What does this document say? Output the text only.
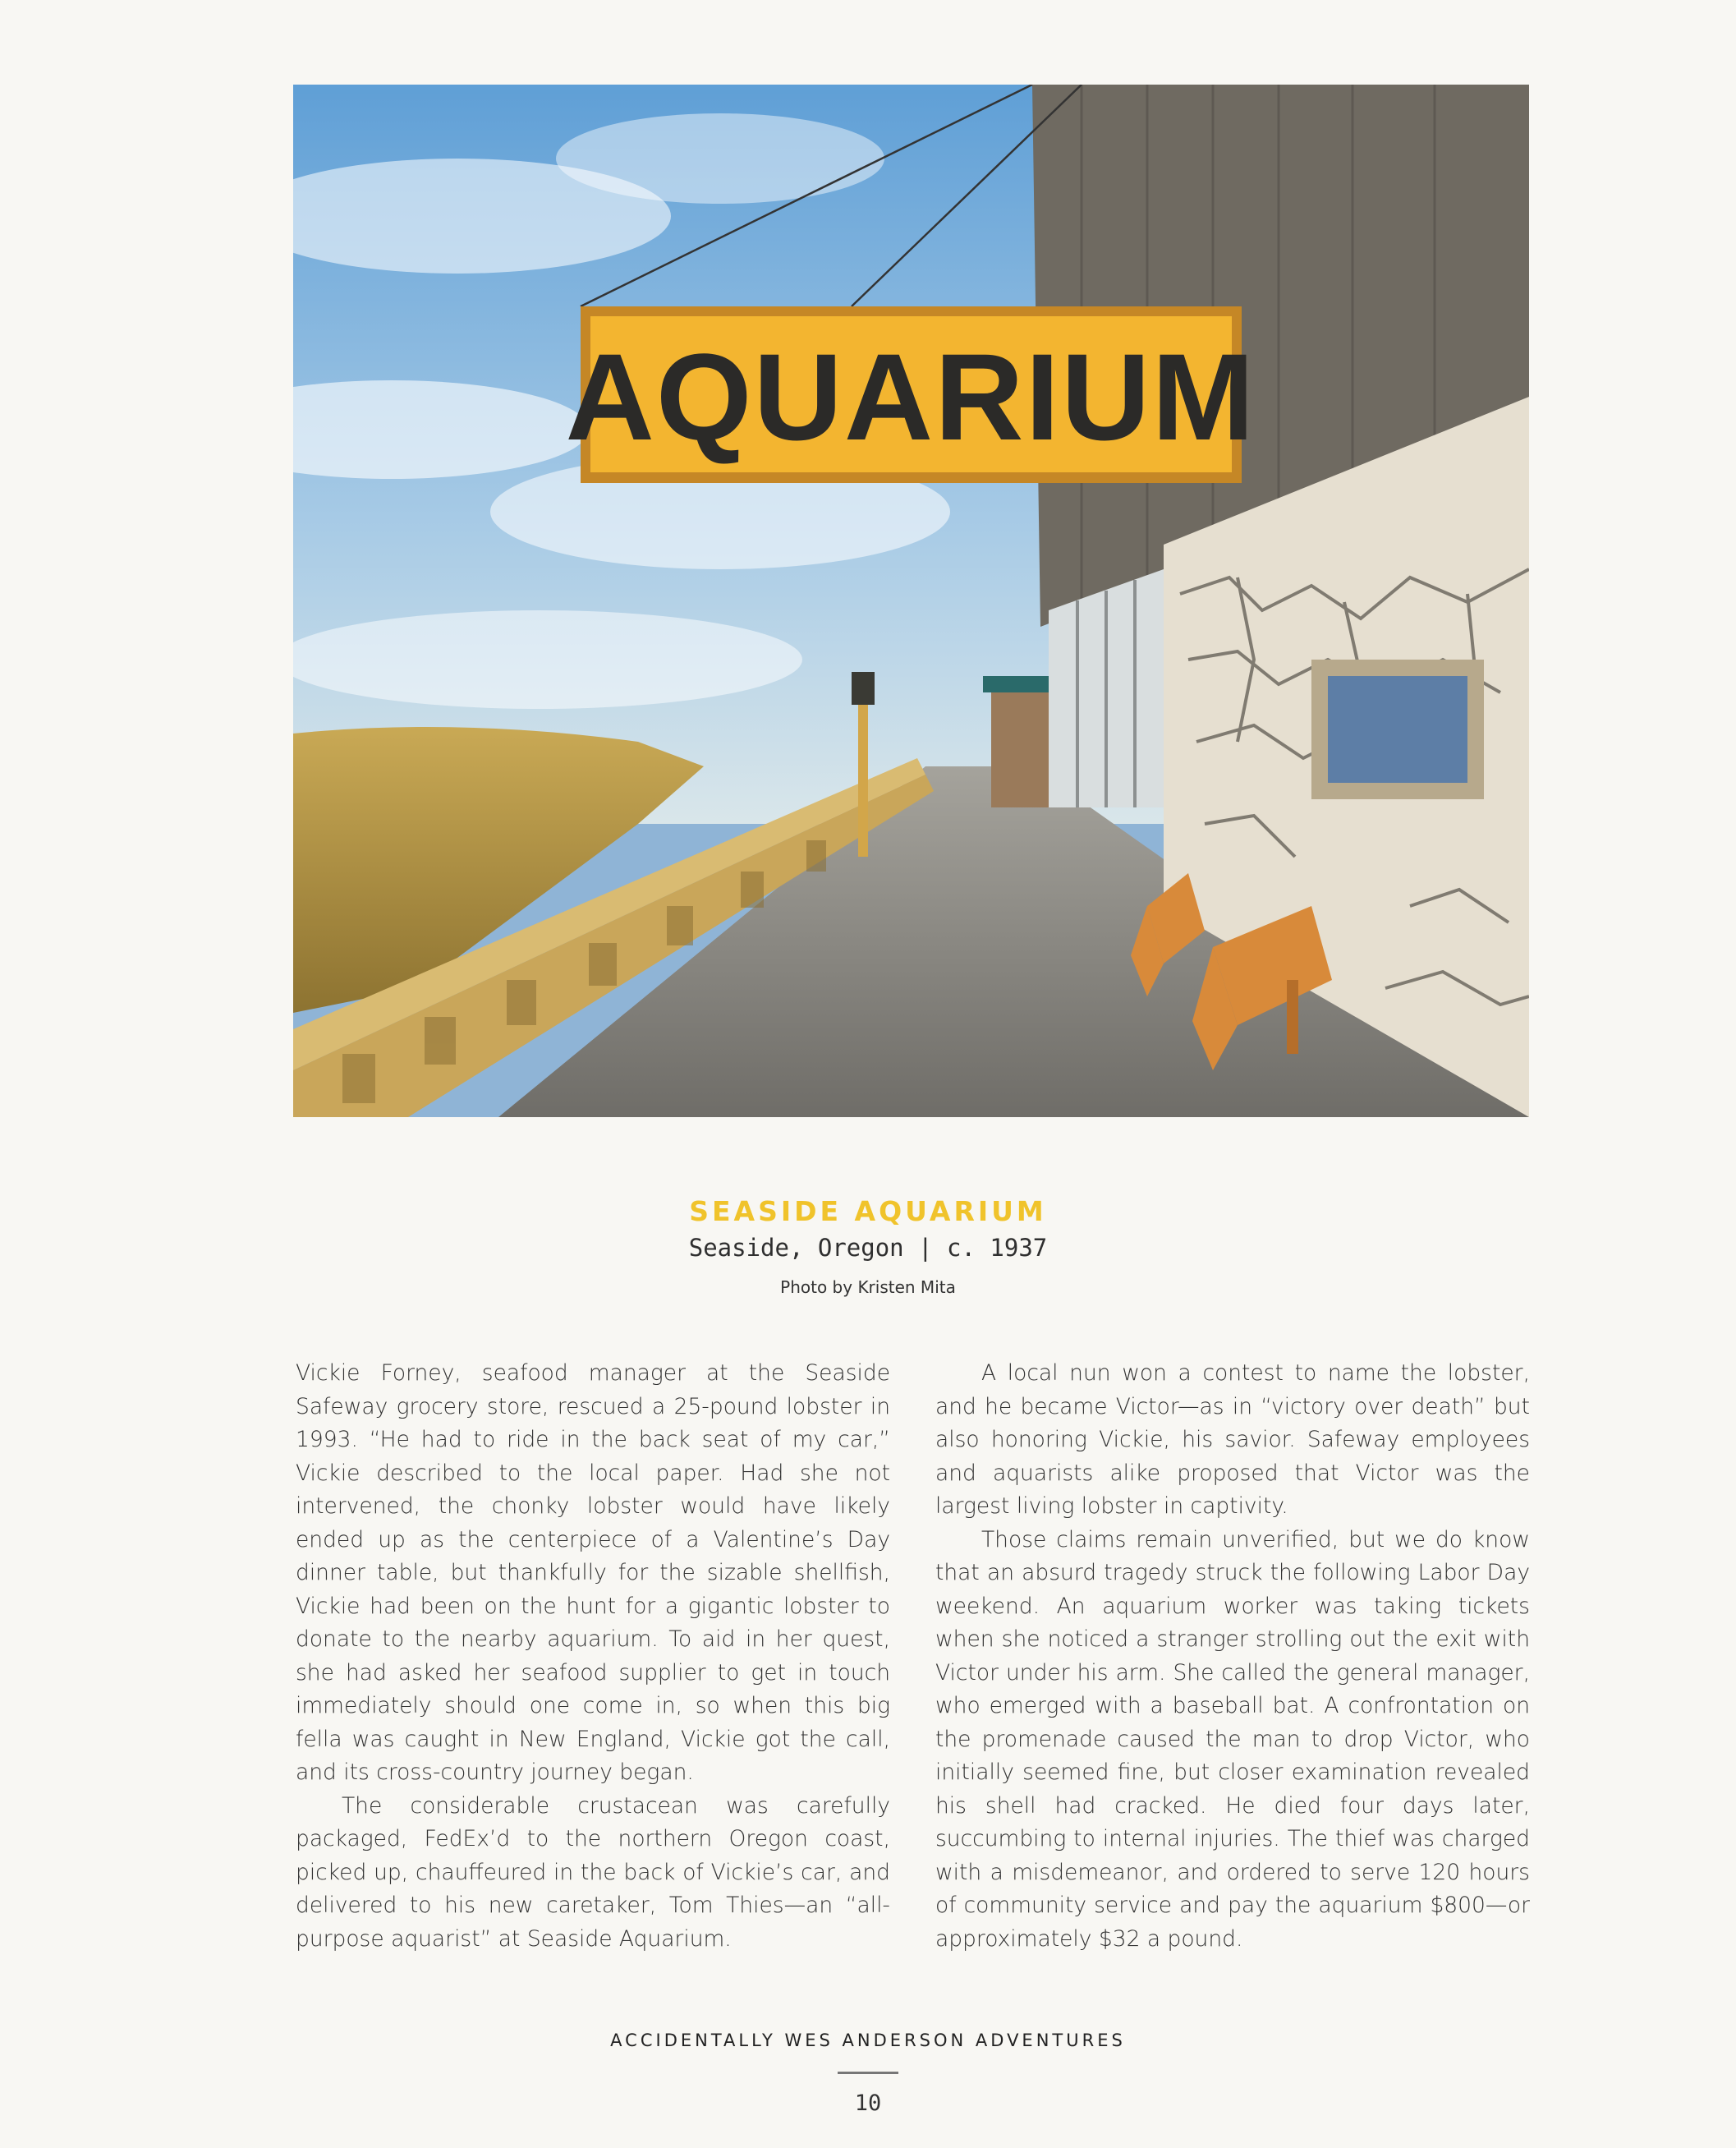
AQUARIUM
SEASIDE AQUARIUM
Seaside, Oregon | c. 1937
Photo by Kristen Mita

Vickie Forney, seafood manager at the Seaside Safeway grocery store, rescued a 25-pound lobster in 1993. “He had to ride in the back seat of my car,” Vickie described to the local paper. Had she not intervened, the chonky lobster would have likely ended up as the centerpiece of a Valentine’s Day dinner table, but thankfully for the sizable shellfish, Vickie had been on the hunt for a gigantic lobster to donate to the nearby aquarium. To aid in her quest, she had asked her seafood supplier to get in touch immediately should one come in, so when this big fella was caught in New England, Vickie got the call, and its cross-country journey began.

The considerable crustacean was carefully packaged, FedEx’d to the northern Oregon coast, picked up, chauffeured in the back of Vickie’s car, and delivered to his new caretaker, Tom Thies—an “all-purpose aquarist” at Seaside Aquarium.

A local nun won a contest to name the lobster, and he became Victor—as in “victory over death” but also honoring Vickie, his savior. Safeway employees and aquarists alike proposed that Victor was the largest living lobster in captivity.

Those claims remain unverified, but we do know that an absurd tragedy struck the following Labor Day weekend. An aquarium worker was taking tickets when she noticed a stranger strolling out the exit with Victor under his arm. She called the general manager, who emerged with a baseball bat. A confrontation on the promenade caused the man to drop Victor, who initially seemed fine, but closer examination revealed his shell had cracked. He died four days later, succumbing to internal injuries. The thief was charged with a misdemeanor, and ordered to serve 120 hours of community service and pay the aquarium $800—or approximately $32 a pound.

ACCIDENTALLY WES ANDERSON ADVENTURES
10
